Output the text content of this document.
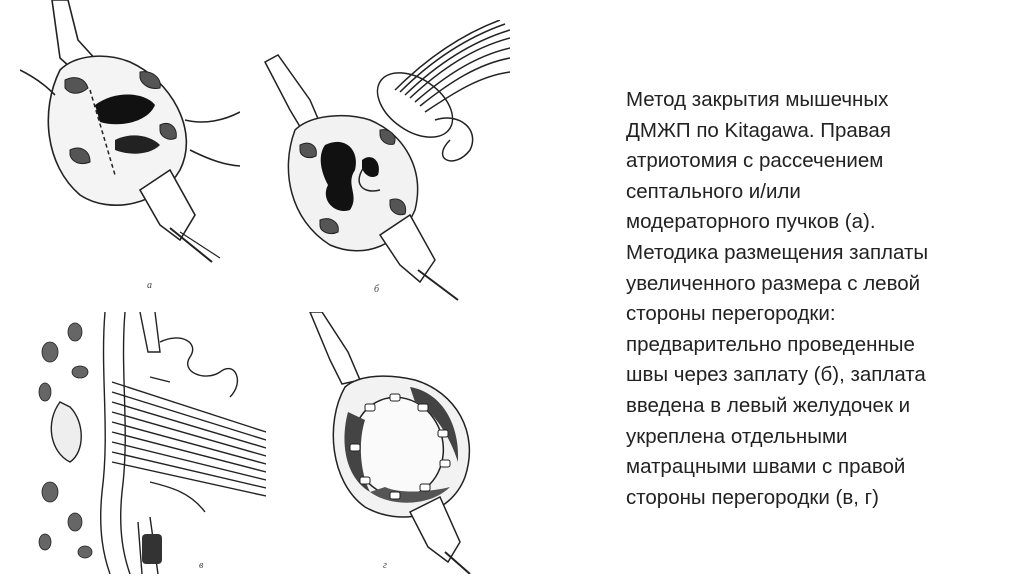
а	б
в	г

Метод закрытия мышечных
ДМЖП по Kitagawa. Правая
атриотомия с рассечением
септального и/или
модераторного пучков (а).
Методика размещения заплаты
увеличенного размера с левой
стороны перегородки:
предварительно проведенные
швы через заплату (б), заплата
введена в левый желудочек и
укреплена отдельными
матрацными швами с правой
стороны перегородки (в, г)
